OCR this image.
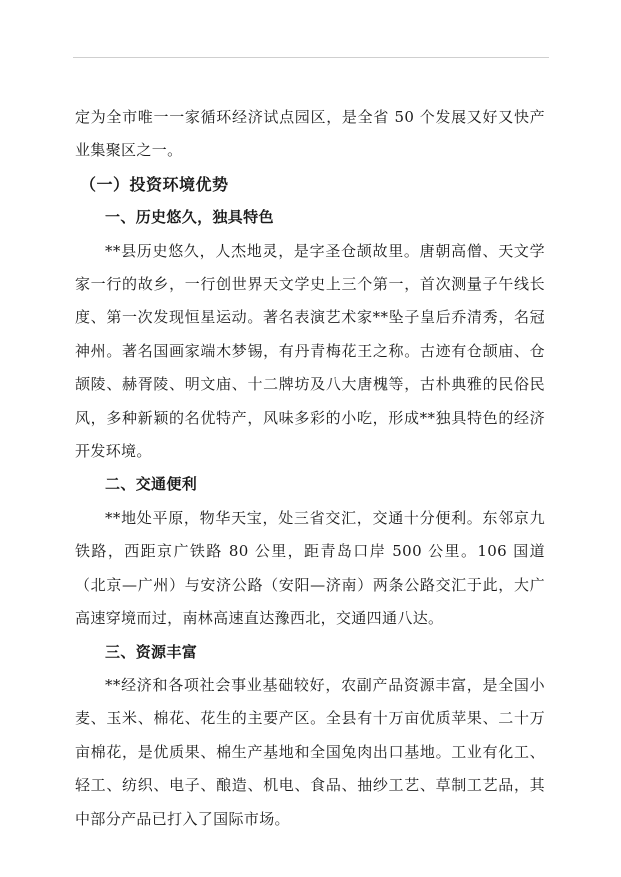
定为全市唯一一家循环经济试点园区，是全省 50 个发展又好又快产业集聚区之一。

（一）投资环境优势
一、历史悠久，独具特色

**县历史悠久，人杰地灵，是字圣仓颉故里。唐朝高僧、天文学家一行的故乡，一行创世界天文学史上三个第一，首次测量子午线长度、第一次发现恒星运动。著名表演艺术家**坠子皇后乔清秀，名冠神州。著名国画家端木梦锡，有丹青梅花王之称。古迹有仓颉庙、仓颉陵、赫胥陵、明文庙、十二牌坊及八大唐槐等，古朴典雅的民俗民风，多种新颖的名优特产，风味多彩的小吃，形成**独具特色的经济开发环境。

二、交通便利

**地处平原，物华天宝，处三省交汇，交通十分便利。东邻京九铁路，西距京广铁路 80 公里，距青岛口岸 500 公里。106 国道（北京—广州）与安济公路（安阳—济南）两条公路交汇于此，大广高速穿境而过，南林高速直达豫西北，交通四通八达。

三、资源丰富

**经济和各项社会事业基础较好，农副产品资源丰富，是全国小麦、玉米、棉花、花生的主要产区。全县有十万亩优质苹果、二十万亩棉花，是优质果、棉生产基地和全国兔肉出口基地。工业有化工、轻工、纺织、电子、酿造、机电、食品、抽纱工艺、草制工艺品，其中部分产品已打入了国际市场。
